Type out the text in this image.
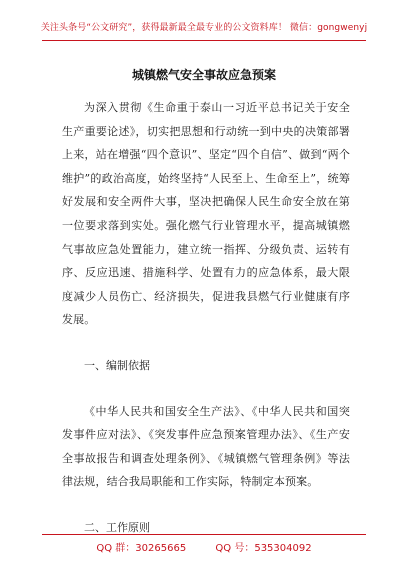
关注头条号“公文研究”，获得最新最全最专业的公文资料库！ 微信：gongwenyj
城镇燃气安全事故应急预案

为深入贯彻《生命重于泰山一习近平总书记关于安全生产重要论述》，切实把思想和行动统一到中央的决策部署上来，站在增强“四个意识”、坚定“四个自信”、做到“两个维护”的政治高度，始终坚持“人民至上、生命至上”，统筹好发展和安全两件大事，坚决把确保人民生命安全放在第一位要求落到实处。强化燃气行业管理水平，提高城镇燃气事故应急处置能力，建立统一指挥、分级负责、运转有序、反应迅速、措施科学、处置有力的应急体系，最大限度减少人员伤亡、经济损失，促进我县燃气行业健康有序发展。

一、编制依据

《中华人民共和国安全生产法》、《中华人民共和国突发事件应对法》、《突发事件应急预案管理办法》、《生产安全事故报告和调查处理条例》、《城镇燃气管理条例》等法律法规，结合我局职能和工作实际，特制定本预案。

二、工作原则

QQ 群：30265665	QQ 号：535304092
